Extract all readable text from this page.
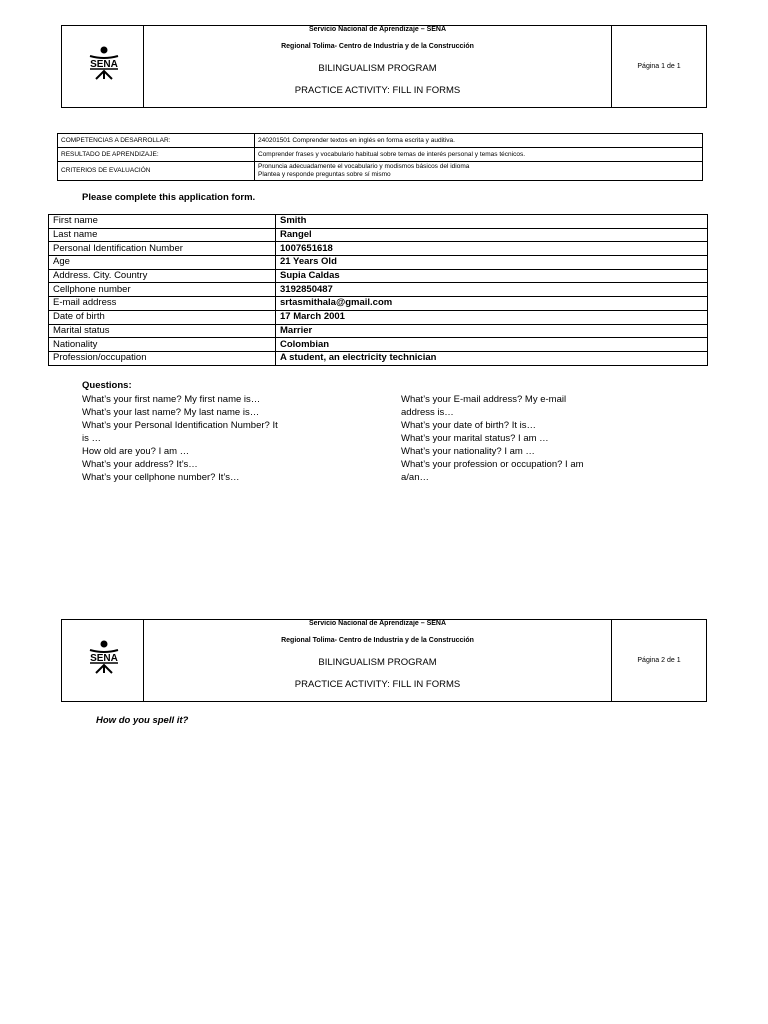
SENA
Servicio Nacional de Aprendizaje – SENA
Regional Tolima- Centro de Industria y de la Construcción
BILINGUALISM PROGRAM
PRACTICE ACTIVITY: FILL IN FORMS
Página 1 de 1
COMPETENCIAS A DESARROLLAR:	240201501 Comprender textos en inglés en forma escrita y auditiva.
RESULTADO DE APRENDIZAJE:	Comprender frases y vocabulario habitual sobre temas de interés personal y temas técnicos.
CRITERIOS DE EVALUACIÓN	Pronuncia adecuadamente el vocabulario y modismos básicos del idioma
Plantea y responde preguntas sobre sí mismo
Please complete this application form.
First name	Smith
Last name	Rangel
Personal Identification Number	1007651618
Age	21 Years Old
Address. City. Country	Supia Caldas
Cellphone number	3192850487
E-mail address	srtasmithala@gmail.com
Date of birth	17 March 2001
Marital status	Marrier
Nationality	Colombian
Profession/occupation	A student, an electricity technician
Questions:
What’s your first name? My first name is…
What’s your last name? My last name is…
What’s your Personal Identification Number? It
is …
How old are you? I am …
What’s your address? It’s…
What’s your cellphone number? It’s…
What’s your E-mail address? My e-mail
address is…
What’s your date of birth? It is…
What’s your marital status? I am …
What’s your nationality? I am …
What’s your profession or occupation? I am
a/an…
SENA
Servicio Nacional de Aprendizaje – SENA
Regional Tolima- Centro de Industria y de la Construcción
BILINGUALISM PROGRAM
PRACTICE ACTIVITY: FILL IN FORMS
Página 2 de 1
How do you spell it?
